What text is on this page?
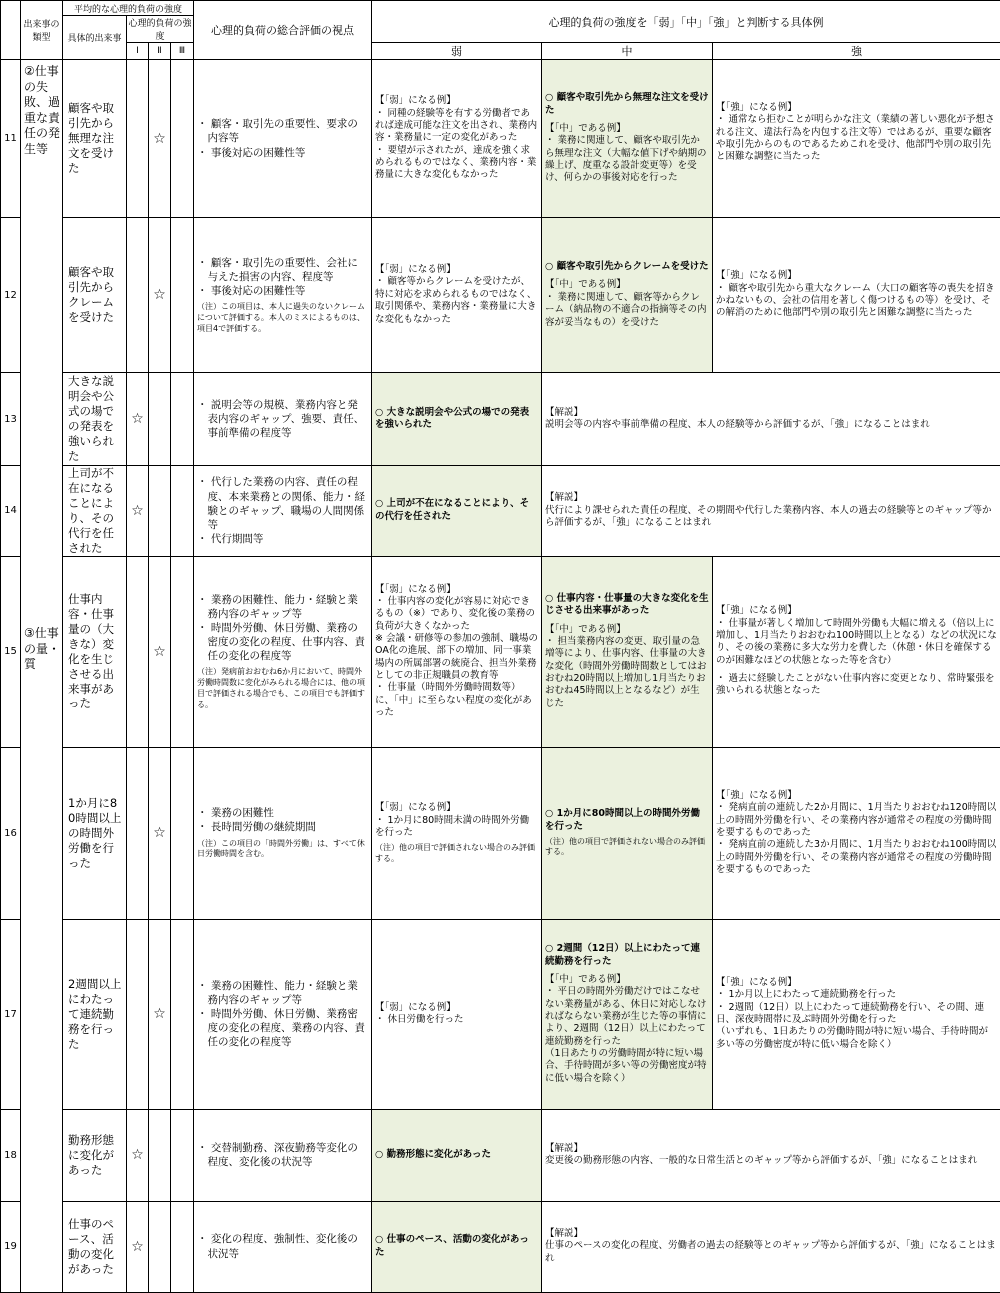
	出来事の類型	平均的な心理的負荷の強度				心理的負荷の総合評価の視点	心理的負荷の強度を「弱」「中」「強」と判断する具体例		
		具体的出来事	心理的負荷の強度						
			Ⅰ	Ⅱ	Ⅲ		弱	中	強
11	②仕事の失敗、過重な責任の発生等	顧客や取引先から無理な注文を受けた		☆		・ 顧客・取引先の重要性、要求の内容等
・ 事後対応の困難性等	【「弱」になる例】
・ 同種の経験等を有する労働者であれば達成可能な注文を出され、業務内容・業務量に一定の変化があった
・ 要望が示されたが、達成を強く求められるものではなく、業務内容・業務量に大きな変化もなかった	○ 顧客や取引先から無理な注文を受けた
【「中」である例】
・ 業務に関連して、顧客や取引先から無理な注文（大幅な値下げや納期の繰上げ、度重なる設計変更等）を受け、何らかの事後対応を行った	【「強」になる例】
・ 通常なら拒むことが明らかな注文（業績の著しい悪化が予想される注文、違法行為を内包する注文等）ではあるが、重要な顧客や取引先からのものであるためこれを受け、他部門や別の取引先と困難な調整に当たった

12		顧客や取引先からクレームを受けた		☆		・ 顧客・取引先の重要性、会社に与えた損害の内容、程度等
・ 事後対応の困難性等
（注）この項目は、本人に過失のないクレームについて評価する。本人のミスによるものは、項目4で評価する。	【「弱」になる例】
・ 顧客等からクレームを受けたが、特に対応を求められるものではなく、取引関係や、業務内容・業務量に大きな変化もなかった	○ 顧客や取引先からクレームを受けた
【「中」である例】
・ 業務に関連して、顧客等からクレーム（納品物の不適合の指摘等その内容が妥当なもの）を受けた	【「強」になる例】
・ 顧客や取引先から重大なクレーム（大口の顧客等の喪失を招きかねないもの、会社の信用を著しく傷つけるもの等）を受け、その解消のために他部門や別の取引先と困難な調整に当たった

13		大きな説明会や公式の場での発表を強いられた	☆			・ 説明会等の規模、業務内容と発表内容のギャップ、強要、責任、事前準備の程度等	○ 大きな説明会や公式の場での発表を強いられた	【解説】
説明会等の内容や事前準備の程度、本人の経験等から評価するが、「強」になることはまれ	

14		上司が不在になることにより、その代行を任された	☆			・ 代行した業務の内容、責任の程度、本来業務との関係、能力・経験とのギャップ、職場の人間関係等
・ 代行期間等	○ 上司が不在になることにより、その代行を任された	【解説】
代行により課せられた責任の程度、その期間や代行した業務内容、本人の過去の経験等とのギャップ等から評価するが、「強」になることはまれ	

15	③仕事の量・質	仕事内容・仕事量の（大きな）変化を生じさせる出来事があった		☆		・ 業務の困難性、能力・経験と業務内容のギャップ等
・ 時間外労働、休日労働、業務の密度の変化の程度、仕事内容、責任の変化の程度等
（注）発病前おおむね6か月において、時間外労働時間数に変化がみられる場合には、他の項目で評価される場合でも、この項目でも評価する。	【「弱」になる例】
・ 仕事内容の変化が容易に対応できるもの（※）であり、変化後の業務の負荷が大きくなかった
※ 会議・研修等の参加の強制、職場のOA化の進展、部下の増加、同一事業場内の所属部署の統廃合、担当外業務としての非正規職員の教育等
・ 仕事量（時間外労働時間数等）に、「中」に至らない程度の変化があった	○ 仕事内容・仕事量の大きな変化を生じさせる出来事があった
【「中」である例】
・ 担当業務内容の変更、取引量の急増等により、仕事内容、仕事量の大きな変化（時間外労働時間数としてはおおむね20時間以上増加し1月当たりおおむね45時間以上となるなど）が生じた	【「強」になる例】
・ 仕事量が著しく増加して時間外労働も大幅に増える（倍以上に増加し、1月当たりおおむね100時間以上となる）などの状況になり、その後の業務に多大な労力を費した（休憩・休日を確保するのが困難なほどの状態となった等を含む）
・ 過去に経験したことがない仕事内容に変更となり、常時緊張を強いられる状態となった

16		1か月に80時間以上の時間外労働を行った		☆		・ 業務の困難性
・ 長時間労働の継続期間
（注）この項目の「時間外労働」は、すべて休日労働時間を含む。	【「弱」になる例】
・ 1か月に80時間未満の時間外労働を行った
（注）他の項目で評価されない場合のみ評価する。	○ 1か月に80時間以上の時間外労働を行った
（注）他の項目で評価されない場合のみ評価する。	【「強」になる例】
・ 発病直前の連続した2か月間に、1月当たりおおむね120時間以上の時間外労働を行い、その業務内容が通常その程度の労働時間を要するものであった
・ 発病直前の連続した3か月間に、1月当たりおおむね100時間以上の時間外労働を行い、その業務内容が通常その程度の労働時間を要するものであった

17		2週間以上にわたって連続勤務を行った		☆		・ 業務の困難性、能力・経験と業務内容のギャップ等
・ 時間外労働、休日労働、業務密度の変化の程度、業務の内容、責任の変化の程度等	【「弱」になる例】
・ 休日労働を行った	○ 2週間（12日）以上にわたって連続勤務を行った
【「中」である例】
・ 平日の時間外労働だけではこなせない業務量がある、休日に対応しなければならない業務が生じた等の事情により、2週間（12日）以上にわたって連続勤務を行った
（1日あたりの労働時間が特に短い場合、手待時間が多い等の労働密度が特に低い場合を除く）	【「強」になる例】
・ 1か月以上にわたって連続勤務を行った
・ 2週間（12日）以上にわたって連続勤務を行い、その間、連日、深夜時間帯に及ぶ時間外労働を行った
（いずれも、1日あたりの労働時間が特に短い場合、手待時間が多い等の労働密度が特に低い場合を除く）

18		勤務形態に変化があった	☆			・ 交替制勤務、深夜勤務等変化の程度、変化後の状況等	○ 勤務形態に変化があった	【解説】
変更後の勤務形態の内容、一般的な日常生活とのギャップ等から評価するが、「強」になることはまれ	

19		仕事のペース、活動の変化があった	☆			・ 変化の程度、強制性、変化後の状況等	○ 仕事のペース、活動の変化があった	【解説】
仕事のペースの変化の程度、労働者の過去の経験等とのギャップ等から評価するが、「強」になることはまれ	
